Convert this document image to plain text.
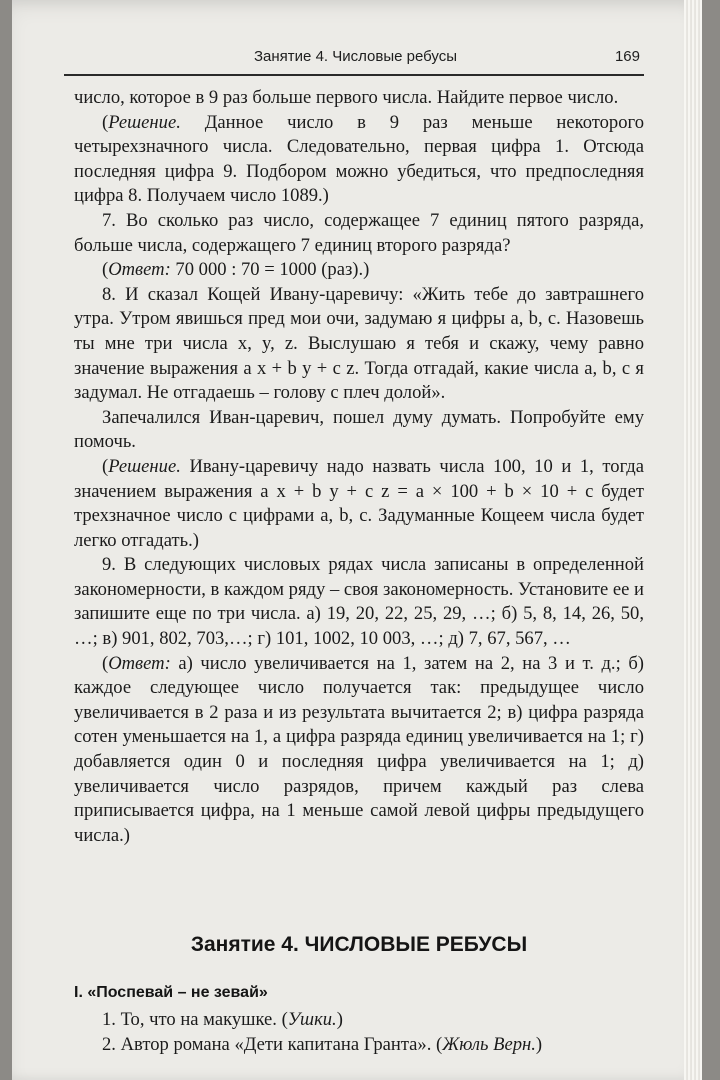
Занятие 4. Числовые ребусы	169

число, которое в 9 раз больше первого числа. Найдите первое число.

(Решение. Данное число в 9 раз меньше некоторого четырехзначного числа. Следовательно, первая цифра 1. Отсюда последняя цифра 9. Подбором можно убедиться, что предпоследняя цифра 8. Получаем число 1089.)

7. Во сколько раз число, содержащее 7 единиц пятого разряда, больше числа, содержащего 7 единиц второго разряда?

(Ответ: 70 000 : 70 = 1000 (раз).)

8. И сказал Кощей Ивану-царевичу: «Жить тебе до завтрашнего утра. Утром явишься пред мои очи, задумаю я цифры a, b, c. Назовешь ты мне три числа x, y, z. Выслушаю я тебя и скажу, чему равно значение выражения a x + b y + c z. Тогда отгадай, какие числа a, b, c я задумал. Не отгадаешь – голову с плеч долой».

Запечалился Иван-царевич, пошел думу думать. Попробуйте ему помочь.

(Решение. Ивану-царевичу надо назвать числа 100, 10 и 1, тогда значением выражения a x + b y + c z = a × 100 + b × 10 + c будет трехзначное число с цифрами a, b, c. Задуманные Кощеем числа будет легко отгадать.)

9. В следующих числовых рядах числа записаны в определенной закономерности, в каждом ряду – своя закономерность. Установите ее и запишите еще по три числа. а) 19, 20, 22, 25, 29, …; б) 5, 8, 14, 26, 50, …; в) 901, 802, 703,…; г) 101, 1002, 10 003, …; д) 7, 67, 567, …

(Ответ: а) число увеличивается на 1, затем на 2, на 3 и т. д.; б) каждое следующее число получается так: предыдущее число увеличивается в 2 раза и из результата вычитается 2; в) цифра разряда сотен уменьшается на 1, а цифра разряда единиц увеличивается на 1; г) добавляется один 0 и последняя цифра увеличивается на 1; д) увеличивается число разрядов, причем каждый раз слева приписывается цифра, на 1 меньше самой левой цифры предыдущего числа.)

Занятие 4. ЧИСЛОВЫЕ РЕБУСЫ
I. «Поспевай – не зевай»

1. То, что на макушке. (Ушки.)

2. Автор романа «Дети капитана Гранта». (Жюль Верн.)
